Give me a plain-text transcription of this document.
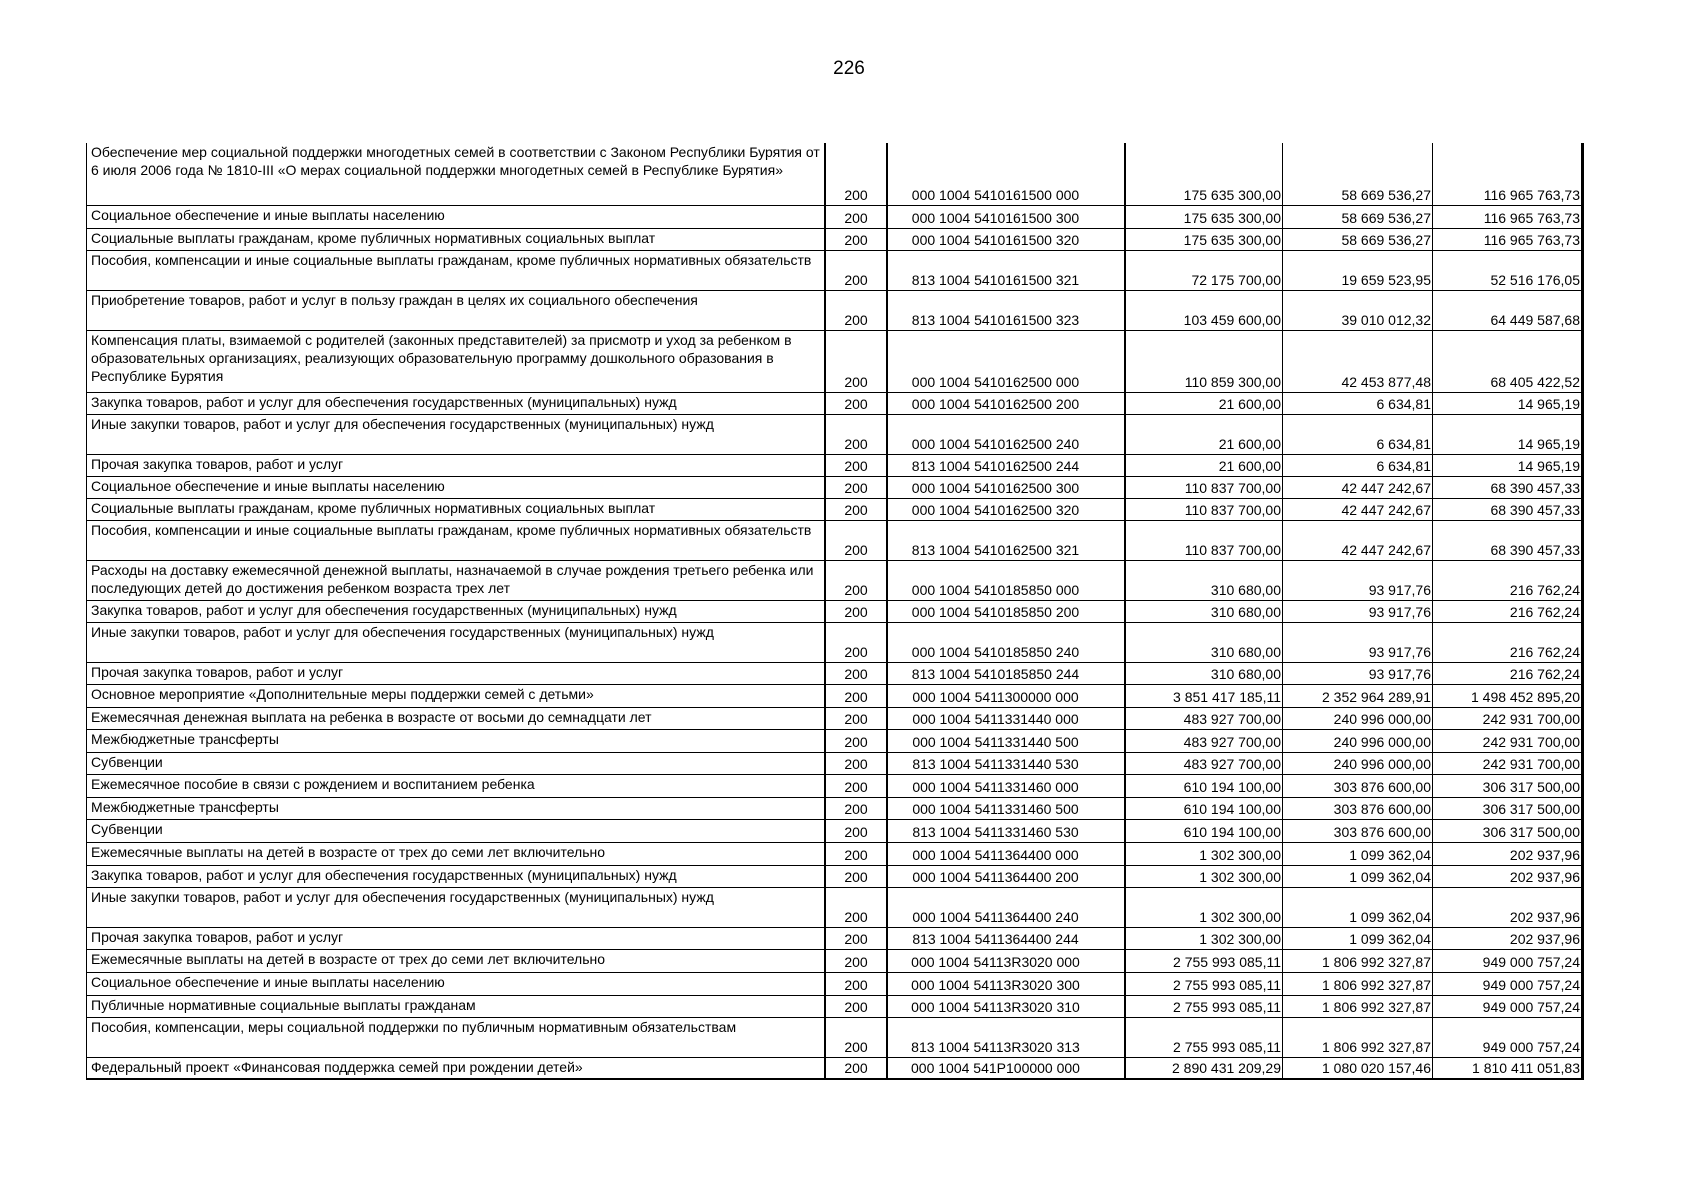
226
Обеспечение мер социальной поддержки многодетных семей в соответствии с Законом Республики Бурятия от 6 июля 2006 года № 1810-III «О мерах социальной поддержки многодетных семей в Республике Бурятия»	200	000 1004 5410161500 000	175 635 300,00	58 669 536,27	116 965 763,73
Социальное обеспечение и иные выплаты населению	200	000 1004 5410161500 300	175 635 300,00	58 669 536,27	116 965 763,73
Социальные выплаты гражданам, кроме публичных нормативных социальных выплат	200	000 1004 5410161500 320	175 635 300,00	58 669 536,27	116 965 763,73
Пособия, компенсации и иные социальные выплаты гражданам, кроме публичных нормативных обязательств	200	813 1004 5410161500 321	72 175 700,00	19 659 523,95	52 516 176,05
Приобретение товаров, работ и услуг в пользу граждан в целях их социального обеспечения	200	813 1004 5410161500 323	103 459 600,00	39 010 012,32	64 449 587,68
Компенсация платы, взимаемой с родителей (законных представителей) за присмотр и уход за ребенком в образовательных организациях, реализующих образовательную программу дошкольного образования в Республике Бурятия	200	000 1004 5410162500 000	110 859 300,00	42 453 877,48	68 405 422,52
Закупка товаров, работ и услуг для обеспечения государственных (муниципальных) нужд	200	000 1004 5410162500 200	21 600,00	6 634,81	14 965,19
Иные закупки товаров, работ и услуг для обеспечения государственных (муниципальных) нужд	200	000 1004 5410162500 240	21 600,00	6 634,81	14 965,19
Прочая закупка товаров, работ и услуг	200	813 1004 5410162500 244	21 600,00	6 634,81	14 965,19
Социальное обеспечение и иные выплаты населению	200	000 1004 5410162500 300	110 837 700,00	42 447 242,67	68 390 457,33
Социальные выплаты гражданам, кроме публичных нормативных социальных выплат	200	000 1004 5410162500 320	110 837 700,00	42 447 242,67	68 390 457,33
Пособия, компенсации и иные социальные выплаты гражданам, кроме публичных нормативных обязательств	200	813 1004 5410162500 321	110 837 700,00	42 447 242,67	68 390 457,33
Расходы на доставку ежемесячной денежной выплаты, назначаемой в случае рождения третьего ребенка или последующих детей до достижения ребенком возраста трех лет	200	000 1004 5410185850 000	310 680,00	93 917,76	216 762,24
Закупка товаров, работ и услуг для обеспечения государственных (муниципальных) нужд	200	000 1004 5410185850 200	310 680,00	93 917,76	216 762,24
Иные закупки товаров, работ и услуг для обеспечения государственных (муниципальных) нужд	200	000 1004 5410185850 240	310 680,00	93 917,76	216 762,24
Прочая закупка товаров, работ и услуг	200	813 1004 5410185850 244	310 680,00	93 917,76	216 762,24
Основное мероприятие «Дополнительные меры поддержки семей с детьми»	200	000 1004 5411300000 000	3 851 417 185,11	2 352 964 289,91	1 498 452 895,20
Ежемесячная денежная выплата на ребенка в возрасте от восьми до семнадцати лет	200	000 1004 5411331440 000	483 927 700,00	240 996 000,00	242 931 700,00
Межбюджетные трансферты	200	000 1004 5411331440 500	483 927 700,00	240 996 000,00	242 931 700,00
Субвенции	200	813 1004 5411331440 530	483 927 700,00	240 996 000,00	242 931 700,00
Ежемесячное пособие в связи с рождением и воспитанием ребенка	200	000 1004 5411331460 000	610 194 100,00	303 876 600,00	306 317 500,00
Межбюджетные трансферты	200	000 1004 5411331460 500	610 194 100,00	303 876 600,00	306 317 500,00
Субвенции	200	813 1004 5411331460 530	610 194 100,00	303 876 600,00	306 317 500,00
Ежемесячные выплаты на детей в возрасте от трех до семи лет включительно	200	000 1004 5411364400 000	1 302 300,00	1 099 362,04	202 937,96
Закупка товаров, работ и услуг для обеспечения государственных (муниципальных) нужд	200	000 1004 5411364400 200	1 302 300,00	1 099 362,04	202 937,96
Иные закупки товаров, работ и услуг для обеспечения государственных (муниципальных) нужд	200	000 1004 5411364400 240	1 302 300,00	1 099 362,04	202 937,96
Прочая закупка товаров, работ и услуг	200	813 1004 5411364400 244	1 302 300,00	1 099 362,04	202 937,96
Ежемесячные выплаты на детей в возрасте от трех до семи лет включительно	200	000 1004 54113R3020 000	2 755 993 085,11	1 806 992 327,87	949 000 757,24
Социальное обеспечение и иные выплаты населению	200	000 1004 54113R3020 300	2 755 993 085,11	1 806 992 327,87	949 000 757,24
Публичные нормативные социальные выплаты гражданам	200	000 1004 54113R3020 310	2 755 993 085,11	1 806 992 327,87	949 000 757,24
Пособия, компенсации, меры социальной поддержки по публичным нормативным обязательствам	200	813 1004 54113R3020 313	2 755 993 085,11	1 806 992 327,87	949 000 757,24
Федеральный проект «Финансовая поддержка семей при рождении детей»	200	000 1004 541P100000 000	2 890 431 209,29	1 080 020 157,46	1 810 411 051,83
